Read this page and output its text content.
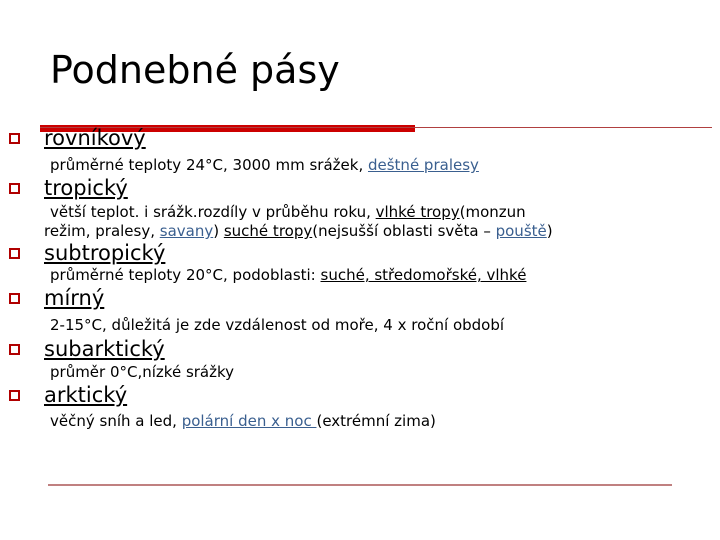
Podnebné pásy
rovníkový
průměrné teploty 24°C, 3000 mm srážek, deštné pralesy
tropický
větší teplot. i srážk.rozdíly v průběhu roku, vlhké tropy(monzun
režim, pralesy, savany) suché tropy(nejsušší oblasti světa – pouště)
subtropický
průměrné teploty 20°C, podoblasti: suché, středomořské, vlhké
mírný
2-15°C, důležitá je zde vzdálenost od moře, 4 x roční období
subarktický
průměr 0°C,nízké srážky
arktický
věčný sníh a led, polární den x noc (extrémní zima)
